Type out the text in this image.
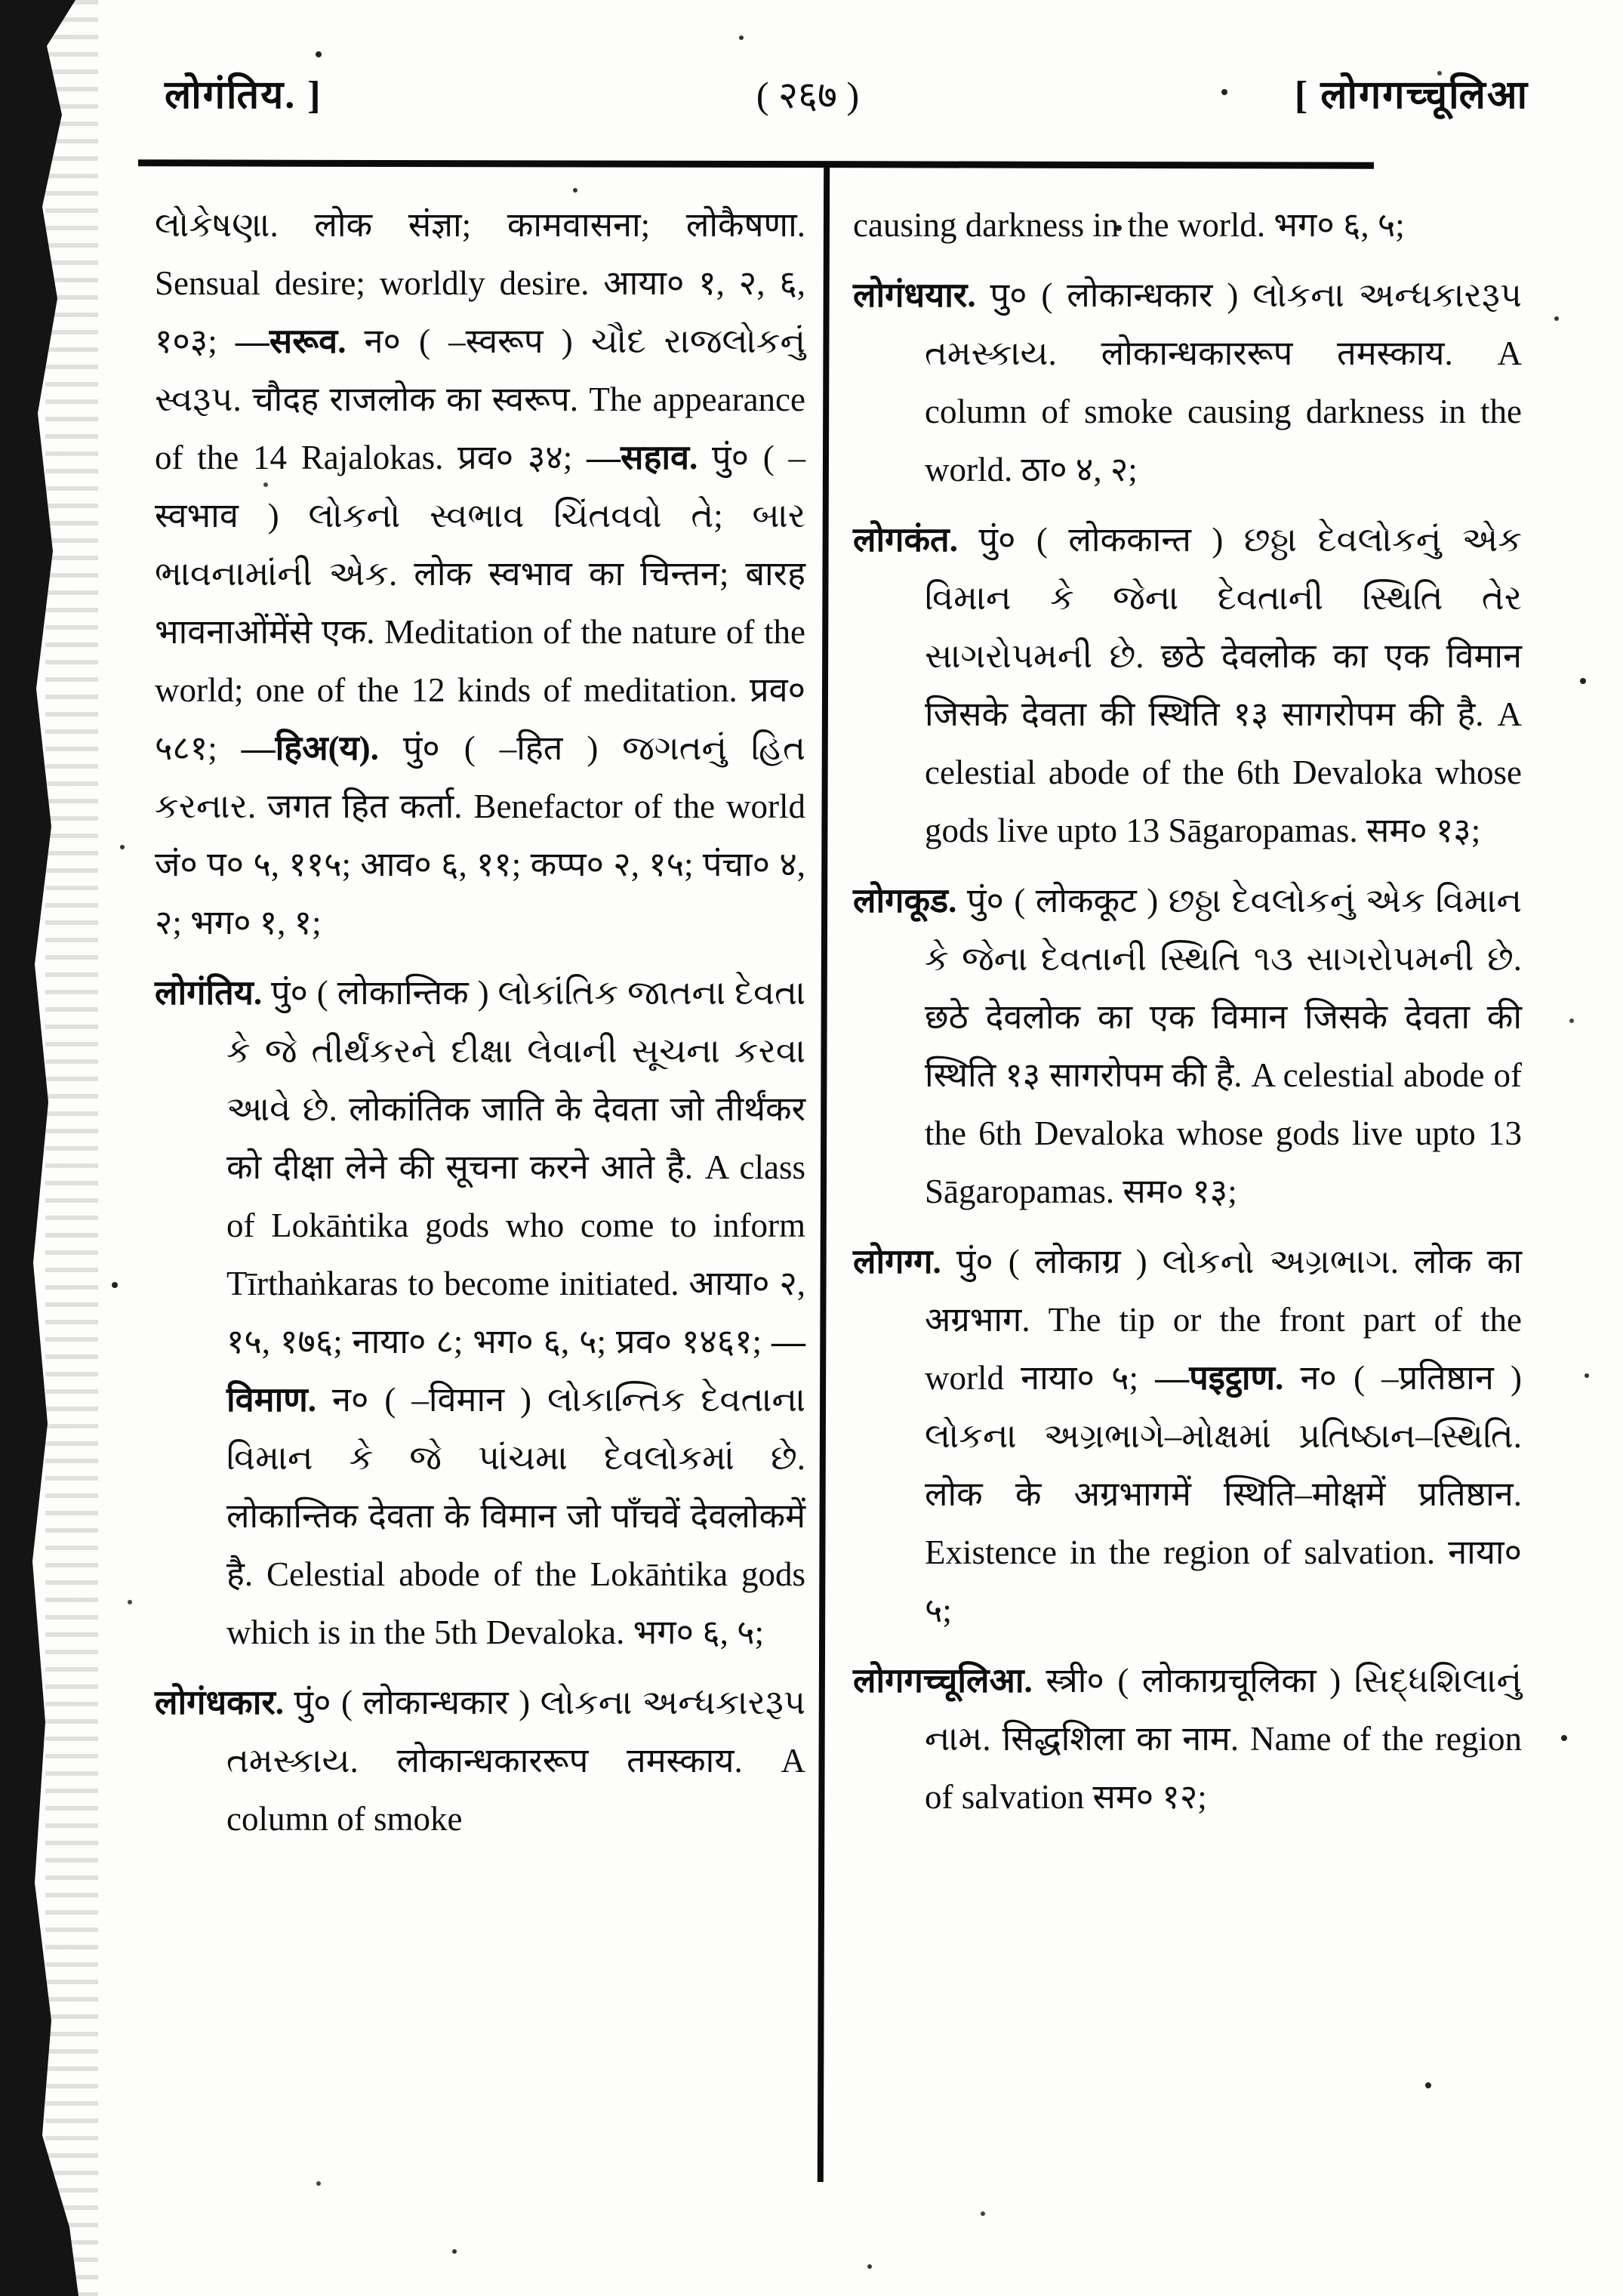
लोगंतिय. ]	( २६७ )	[ लोगगच्चूलिआ

લોકેષણા. लोक संज्ञा; कामवासना; लोकैषणा. Sensual desire; worldly desire. आया० १, २, ६, १०३; —सरूव. न० ( –स्वरूप ) ચૌદ રાજલોકનું સ્વરૂપ. चौदह राजलोक का स्वरूप. The appearance of the 14 Rajalokas. प्रव० ३४; —सहाव. पुं० ( –स्वभाव ) લોકનો સ્વભાવ ચિંતવવો તે; બાર ભાવનામાંની એક. लोक स्वभाव का चिन्तन; बारह भावनाओंमेंसे एक. Meditation of the nature of the world; one of the 12 kinds of meditation. प्रव० ५८१; —हिअ(य). पुं० ( –हित ) જગતનું હિત કરનાર. जगत हित कर्ता. Benefactor of the world जं० प० ५, ११५; आव० ६, ११; कप्प० २, १५; पंचा० ४, २; भग० १, १;

लोगंतिय. पुं० ( लोकान्तिक ) લોકાંતિક જાતના દેવતા કે જે તીર્થંકરને દીક્ષા લેવાની સૂચના કરવા આવે છે. लोकांतिक जाति के देवता जो तीर्थंकर को दीक्षा लेने की सूचना करने आते है. A class of Lokāṅtika gods who come to inform Tīrthaṅkaras to become initiated. आया० २, १५, १७६; नाया० ८; भग० ६, ५; प्रव० १४६१; —विमाण. न० ( –विमान ) લોકાન્તિક દેવતાના વિમાન કે જે પાંચમા દેવલોકમાં છે. लोकान्तिक देवता के विमान जो पाँचवें देवलोकमें है. Celestial abode of the Lokāṅtika gods which is in the 5th Devaloka. भग० ६, ५;

लोगंधकार. पुं० ( लोकान्धकार ) લોકના અન્ધકારરૂપ તમસ્કાય. लोकान्धकाररूप तमस्काय. A column of smoke

causing darkness in the world. भग० ६, ५;

लोगंधयार. पु० ( लोकान्धकार ) લોકના અન્ધકારરૂપ તમસ્કાય. लोकान्धकाररूप तमस्काय. A column of smoke causing darkness in the world. ठा० ४, २;

लोगकंत. पुं० ( लोककान्त ) છઠ્ઠા દેવલોકનું એક વિમાન કે જેના દેવતાની સ્થિતિ તેર સાગરોપમની છે. छठे देवलोक का एक विमान जिसके देवता की स्थिति १३ सागरोपम की है. A celestial abode of the 6th Devaloka whose gods live upto 13 Sāgaropamas. सम० १३;

लोगकूड. पुं० ( लोककूट ) છઠ્ઠા દેવલોકનું એક વિમાન કે જેના દેવતાની સ્થિતિ ૧૩ સાગરોપમની છે. छठे देवलोक का एक विमान जिसके देवता की स्थिति १३ सागरोपम की है. A celestial abode of the 6th Devaloka whose gods live upto 13 Sāgaropamas. सम० १३;

लोगग्ग. पुं० ( लोकाग्र ) લોકનો અગ્રભાગ. लोक का अग्रभाग. The tip or the front part of the world नाया० ५; —पइट्ठाण. न० ( –प्रतिष्ठान ) લોકના અગ્રભાગે–મોક્ષમાં પ્રતિષ્ઠાન–સ્થિતિ. लोक के अग्रभागमें स्थिति–मोक्षमें प्रतिष्ठान. Existence in the region of salvation. नाया० ५;

लोगगच्चूलिआ. स्त्री० ( लोकाग्रचूलिका ) સિદ્ધશિલાનું નામ. सिद्धशिला का नाम. Name of the region of salvation सम० १२;
